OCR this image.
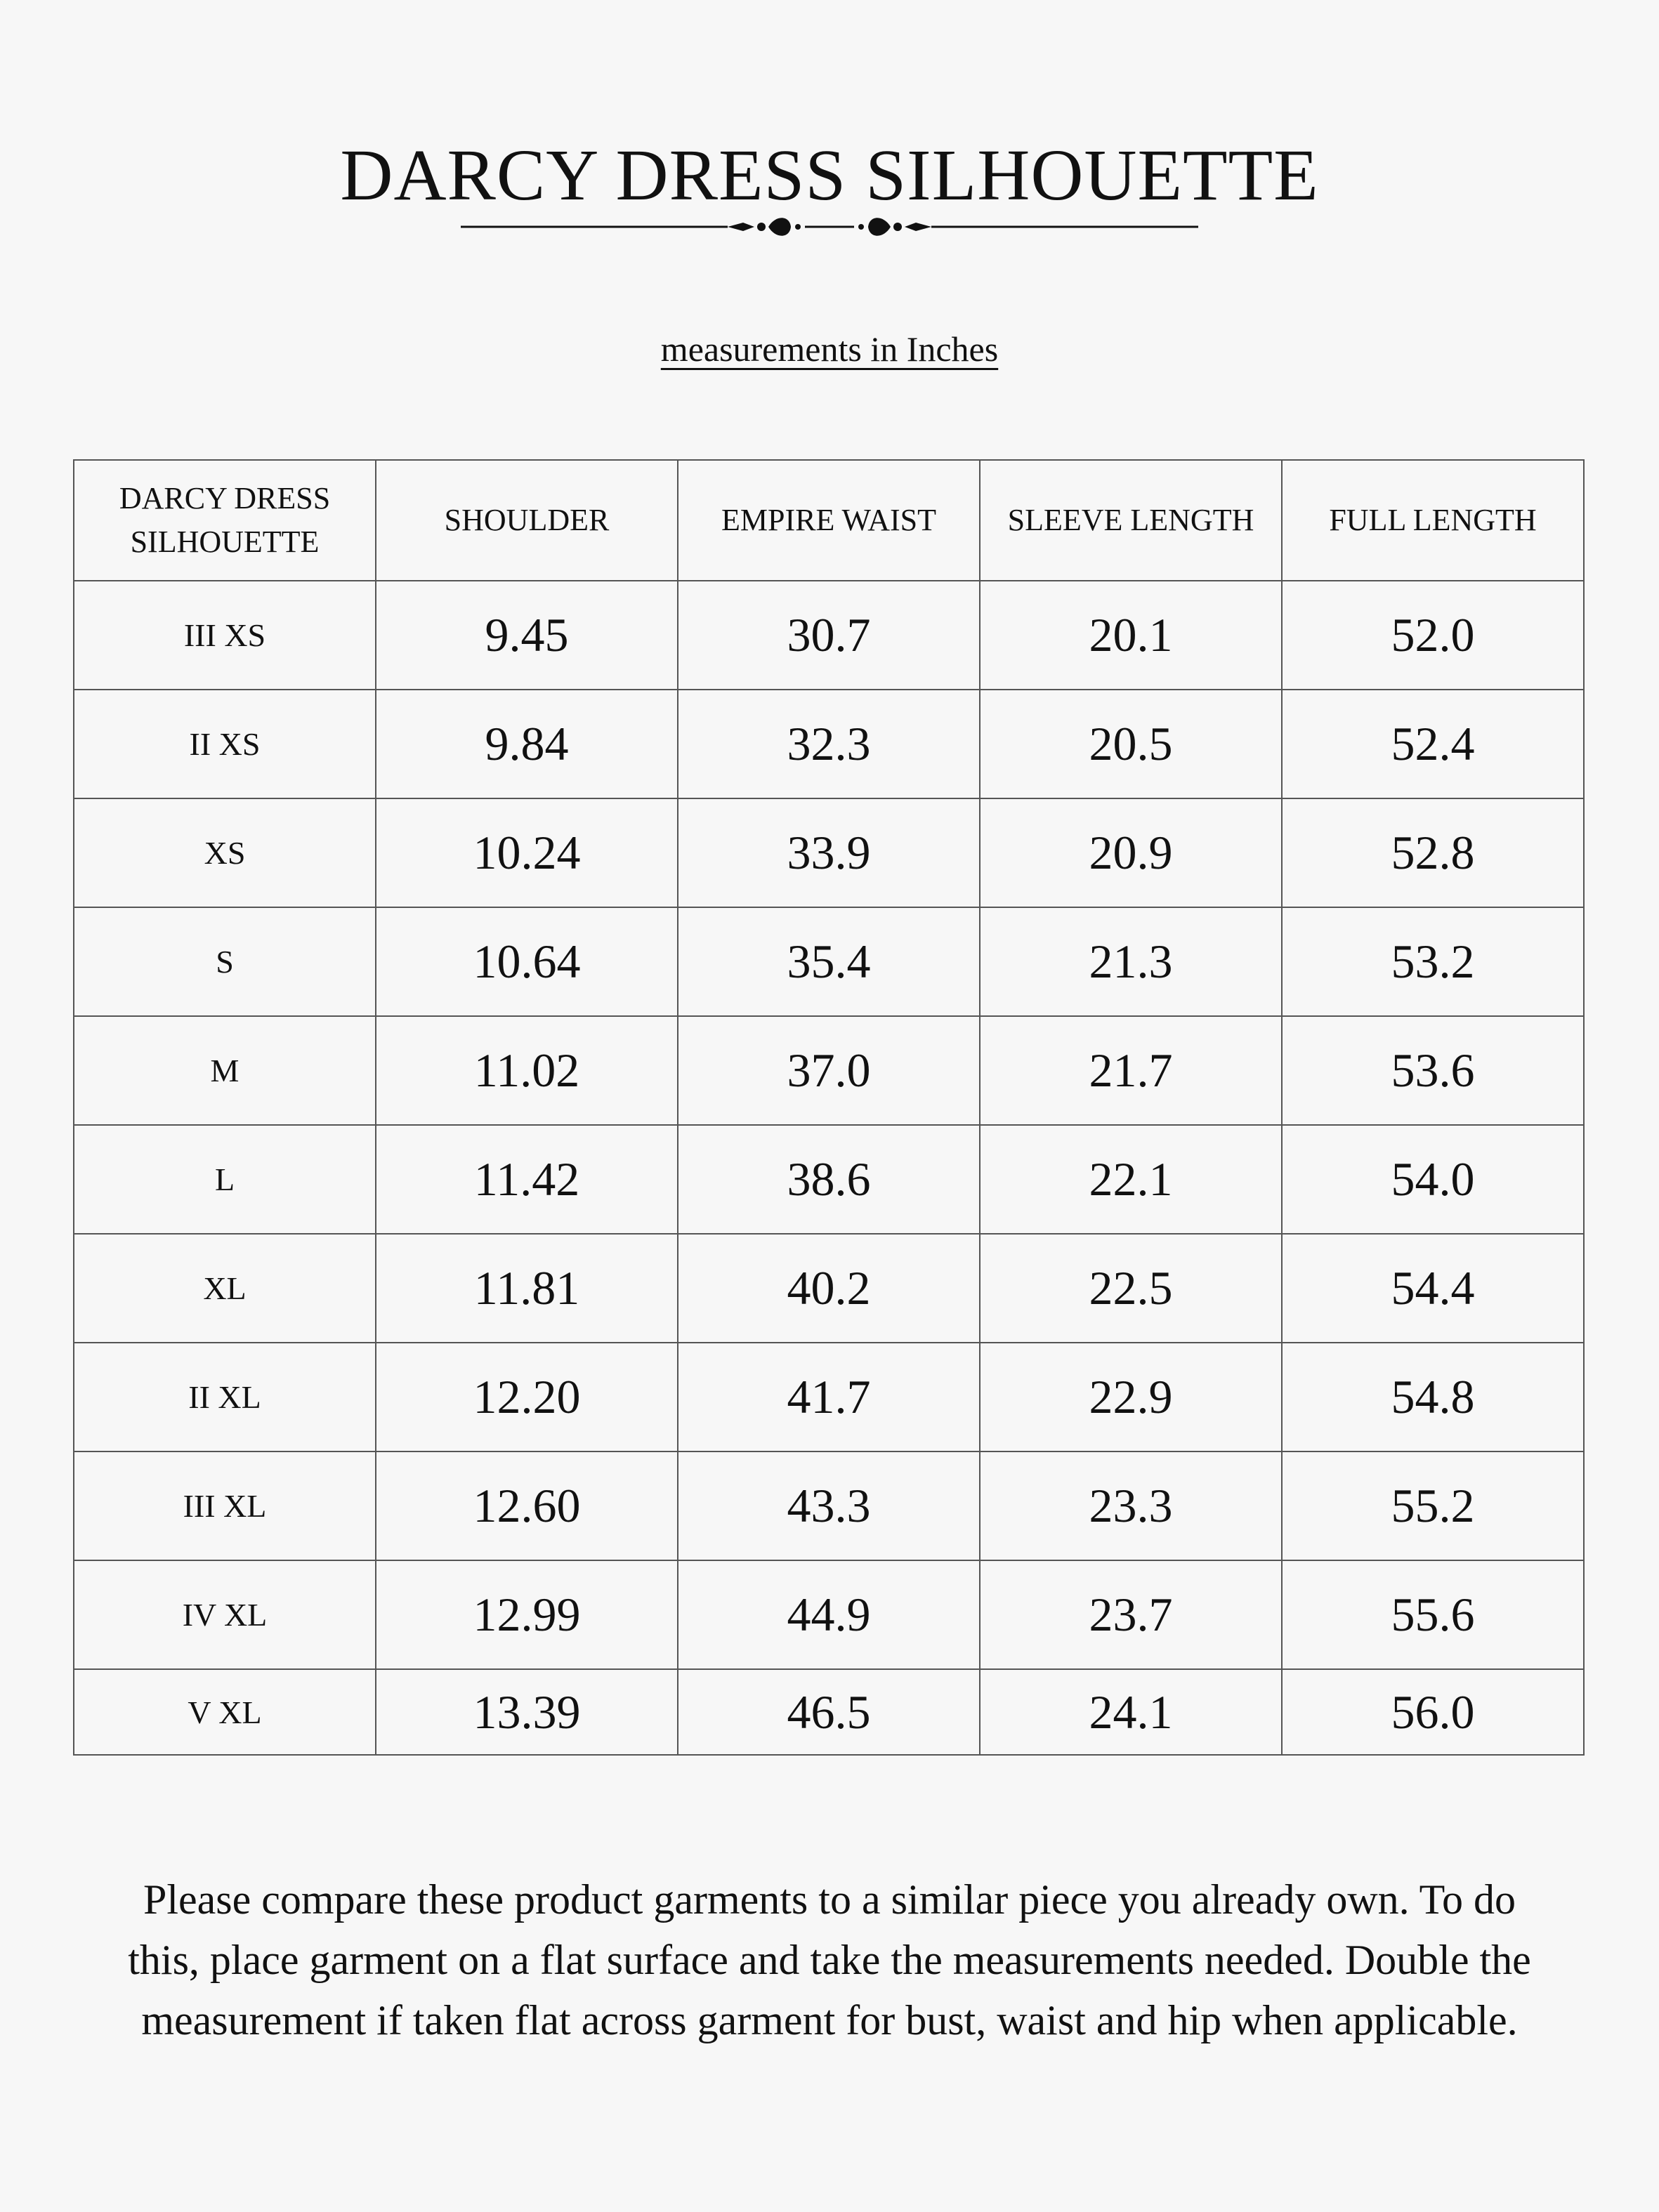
DARCY DRESS SILHOUETTE
measurements in Inches
DARCY DRESS SILHOUETTE	SHOULDER	EMPIRE WAIST	SLEEVE LENGTH	FULL LENGTH
III XS	9.45	30.7	20.1	52.0
II XS	9.84	32.3	20.5	52.4
XS	10.24	33.9	20.9	52.8
S	10.64	35.4	21.3	53.2
M	11.02	37.0	21.7	53.6
L	11.42	38.6	22.1	54.0
XL	11.81	40.2	22.5	54.4
II XL	12.20	41.7	22.9	54.8
III XL	12.60	43.3	23.3	55.2
IV XL	12.99	44.9	23.7	55.6
V XL	13.39	46.5	24.1	56.0

Please compare these product garments to a similar piece you already own. To do this, place garment on a flat surface and take the measurements needed. Double the measurement if taken flat across garment for bust, waist and hip when applicable.
